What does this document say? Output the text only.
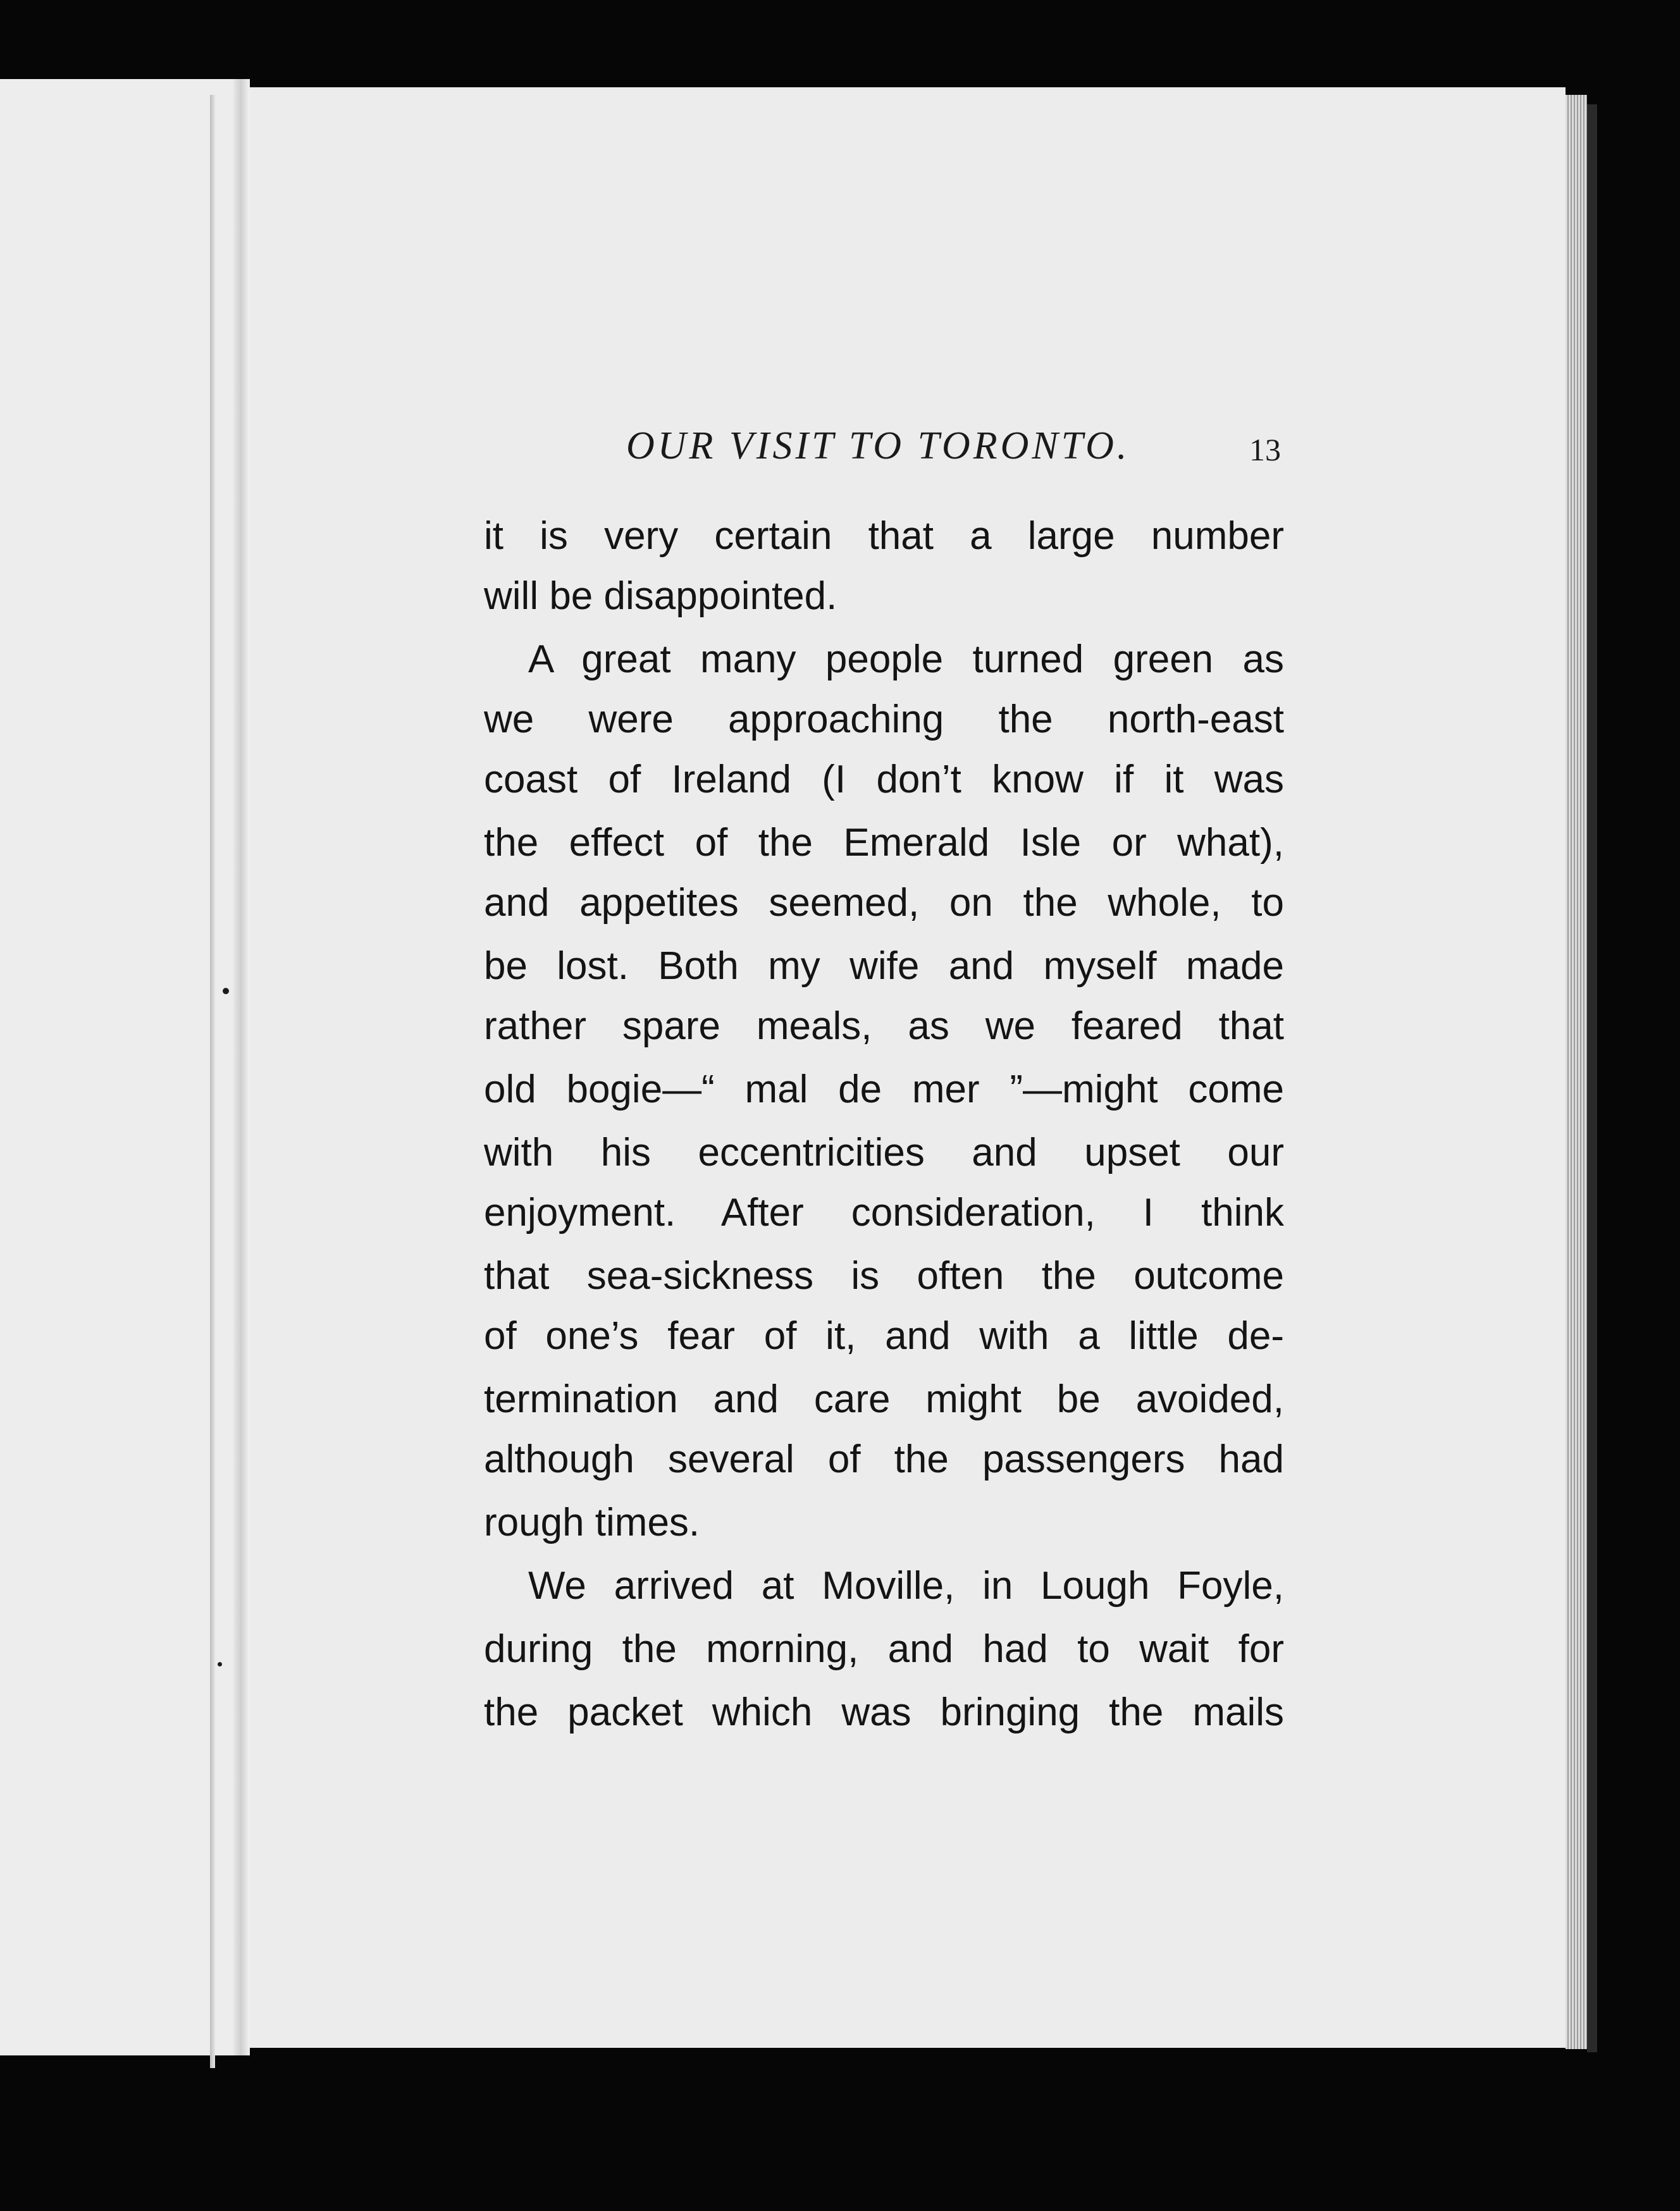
OUR VISIT TO TORONTO.	13
it is very certain that a large number
will be disappointed.
A great many people turned green as
we were approaching the north-east
coast of Ireland (I don’t know if it was
the effect of the Emerald Isle or what),
and appetites seemed, on the whole, to
be lost. Both my wife and myself made
rather spare meals, as we feared that
old bogie—“ mal de mer ”—might come
with his eccentricities and upset our
enjoyment. After consideration, I think
that sea-sickness is often the outcome
of one’s fear of it, and with a little de-
termination and care might be avoided,
although several of the passengers had
rough times.
We arrived at Moville, in Lough Foyle,
during the morning, and had to wait for
the packet which was bringing the mails
